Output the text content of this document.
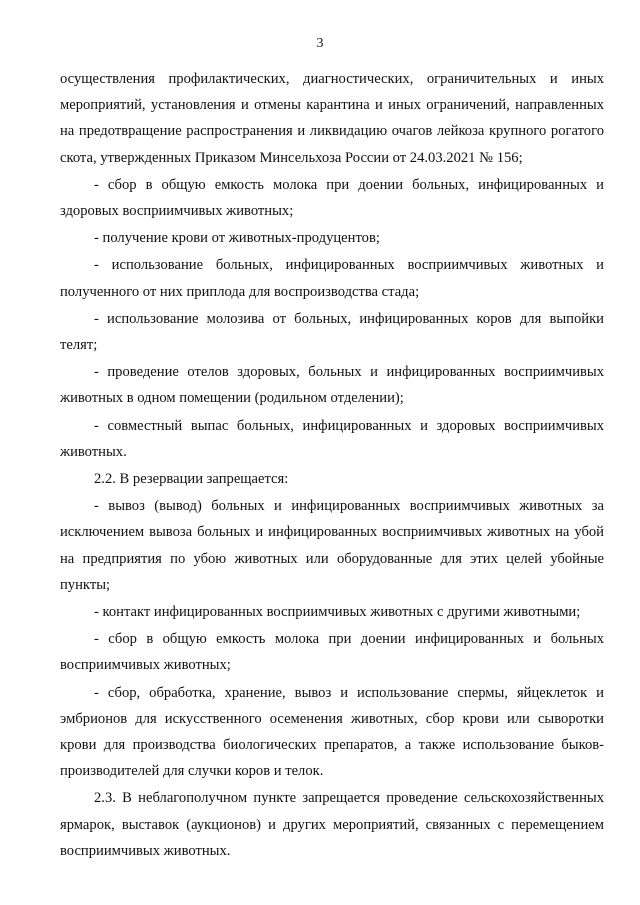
3

осуществления профилактических, диагностических, ограничительных и иных мероприятий, установления и отмены карантина и иных ограничений, направленных на предотвращение распространения и ликвидацию очагов лейкоза крупного рогатого скота, утвержденных Приказом Минсельхоза России от 24.03.2021 № 156;

- сбор в общую емкость молока при доении больных, инфицированных и здоровых восприимчивых животных;

- получение крови от животных-продуцентов;

- использование больных, инфицированных восприимчивых животных и полученного от них приплода для воспроизводства стада;

- использование молозива от больных, инфицированных коров для выпойки телят;

- проведение отелов здоровых, больных и инфицированных восприимчивых животных в одном помещении (родильном отделении);

- совместный выпас больных, инфицированных и здоровых восприимчивых животных.

2.2. В резервации запрещается:

- вывоз (вывод) больных и инфицированных восприимчивых животных за исключением вывоза больных и инфицированных восприимчивых животных на убой на предприятия по убою животных или оборудованные для этих целей убойные пункты;

- контакт инфицированных восприимчивых животных с другими животными;

- сбор в общую емкость молока при доении инфицированных и больных восприимчивых животных;

- сбор, обработка, хранение, вывоз и использование спермы, яйцеклеток и эмбрионов для искусственного осеменения животных, сбор крови или сыворотки крови для производства биологических препаратов, а также использование быков-производителей для случки коров и телок.

2.3. В неблагополучном пункте запрещается проведение сельскохозяйственных ярмарок, выставок (аукционов) и других мероприятий, связанных с перемещением восприимчивых животных.
